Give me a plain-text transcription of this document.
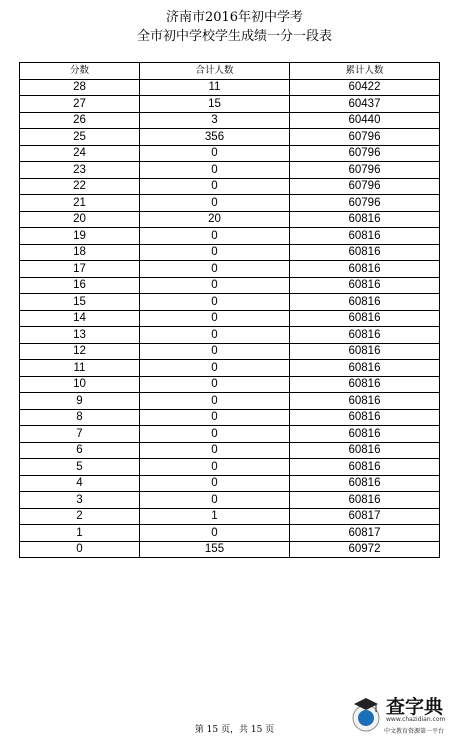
济南市2016年初中学考
全市初中学校学生成绩一分一段表
分数	合计人数	累计人数
28	11	60422
27	15	60437
26	3	60440
25	356	60796
24	0	60796
23	0	60796
22	0	60796
21	0	60796
20	20	60816
19	0	60816
18	0	60816
17	0	60816
16	0	60816
15	0	60816
14	0	60816
13	0	60816
12	0	60816
11	0	60816
10	0	60816
9	0	60816
8	0	60816
7	0	60816
6	0	60816
5	0	60816
4	0	60816
3	0	60816
2	1	60817
1	0	60817
0	155	60972
第 15 页，共 15 页
查字典
www.chazidian.com
中文教育资源第一平台
